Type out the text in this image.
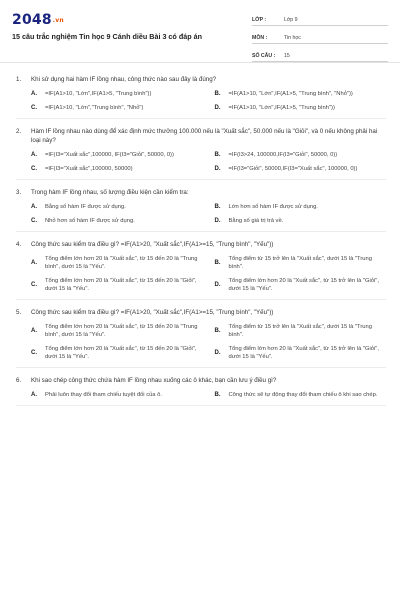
2048.vn
15 câu trắc nghiệm Tin học 9 Cánh diều Bài 3 có đáp án
LỚP :	Lớp 9
MÔN :	Tin học
SỐ CÂU :	15
1.	Khi sử dụng hai hàm IF lồng nhau, công thức nào sau đây là đúng?
A.	=IF(A1>10, "Lớn",IF(A1>5, "Trung bình"))	B.	=IF(A1>10, "Lớn",IF(A1>5, "Trung bình", "Nhỏ"))
C.	=IF(A1>10, "Lớn","Trung bình", "Nhỏ")	D.	=IF(A1>10, "Lớn",IF(A1>5, "Trung bình"))
2.	Hàm IF lồng nhau nào dùng để xác định mức thưởng 100.000 nếu là "Xuất sắc", 50.000 nếu là "Giỏi", và 0 nếu không phải hai loại này?
A.	=IF(I3="Xuất sắc",100000, IF(I3="Giỏi", 50000, 0))	B.	=IF(I3>24, 100000,IF(I3="Giỏi", 50000, 0))
C.	=IF(I3="Xuất sắc",100000, 50000)	D.	=IF(I3="Giỏi", 50000,IF(I3="Xuất sắc", 100000, 0))
3.	Trong hàm IF lồng nhau, số lượng điều kiện cần kiểm tra:
A.	Bằng số hàm IF được sử dụng.	B.	Lớn hơn số hàm IF được sử dụng.
C.	Nhỏ hơn số hàm IF được sử dụng.	D.	Bằng số giá trị trả về.
4.	Công thức sau kiểm tra điều gì? =IF(A1>20, "Xuất sắc",IF(A1>=15, "Trung bình", "Yếu"))
A.
Tổng điểm lớn hơn 20 là "Xuất sắc", từ 15 đến 20 là "Trung bình", dưới 15 là "Yếu".
B.
Tổng điểm từ 15 trở lên là "Xuất sắc", dưới 15 là "Trung bình".
C.
Tổng điểm lớn hơn 20 là "Xuất sắc", từ 15 đến 20 là "Giỏi", dưới 15 là "Yếu".
D.
Tổng điểm lớn hơn 20 là "Xuất sắc", từ 15 trở lên là "Giỏi", dưới 15 là "Yếu".
5.	Công thức sau kiểm tra điều gì? =IF(A1>20, "Xuất sắc",IF(A1>=15, "Trung bình", "Yếu"))
A.
Tổng điểm lớn hơn 20 là "Xuất sắc", từ 15 đến 20 là "Trung bình", dưới 15 là "Yếu".
B.
Tổng điểm từ 15 trở lên là "Xuất sắc", dưới 15 là "Trung bình".
C.
Tổng điểm lớn hơn 20 là "Xuất sắc", từ 15 đến 20 là "Giỏi", dưới 15 là "Yếu".
D.
Tổng điểm lớn hơn 20 là "Xuất sắc", từ 15 trở lên là "Giỏi", dưới 15 là "Yếu".
6.	Khi sao chép công thức chứa hàm IF lồng nhau xuống các ô khác, bạn cần lưu ý điều gì?
A.	Phải luôn thay đổi tham chiếu tuyệt đối của ô.	B.	Công thức sẽ tự động thay đổi tham chiếu ô khi sao chép.
